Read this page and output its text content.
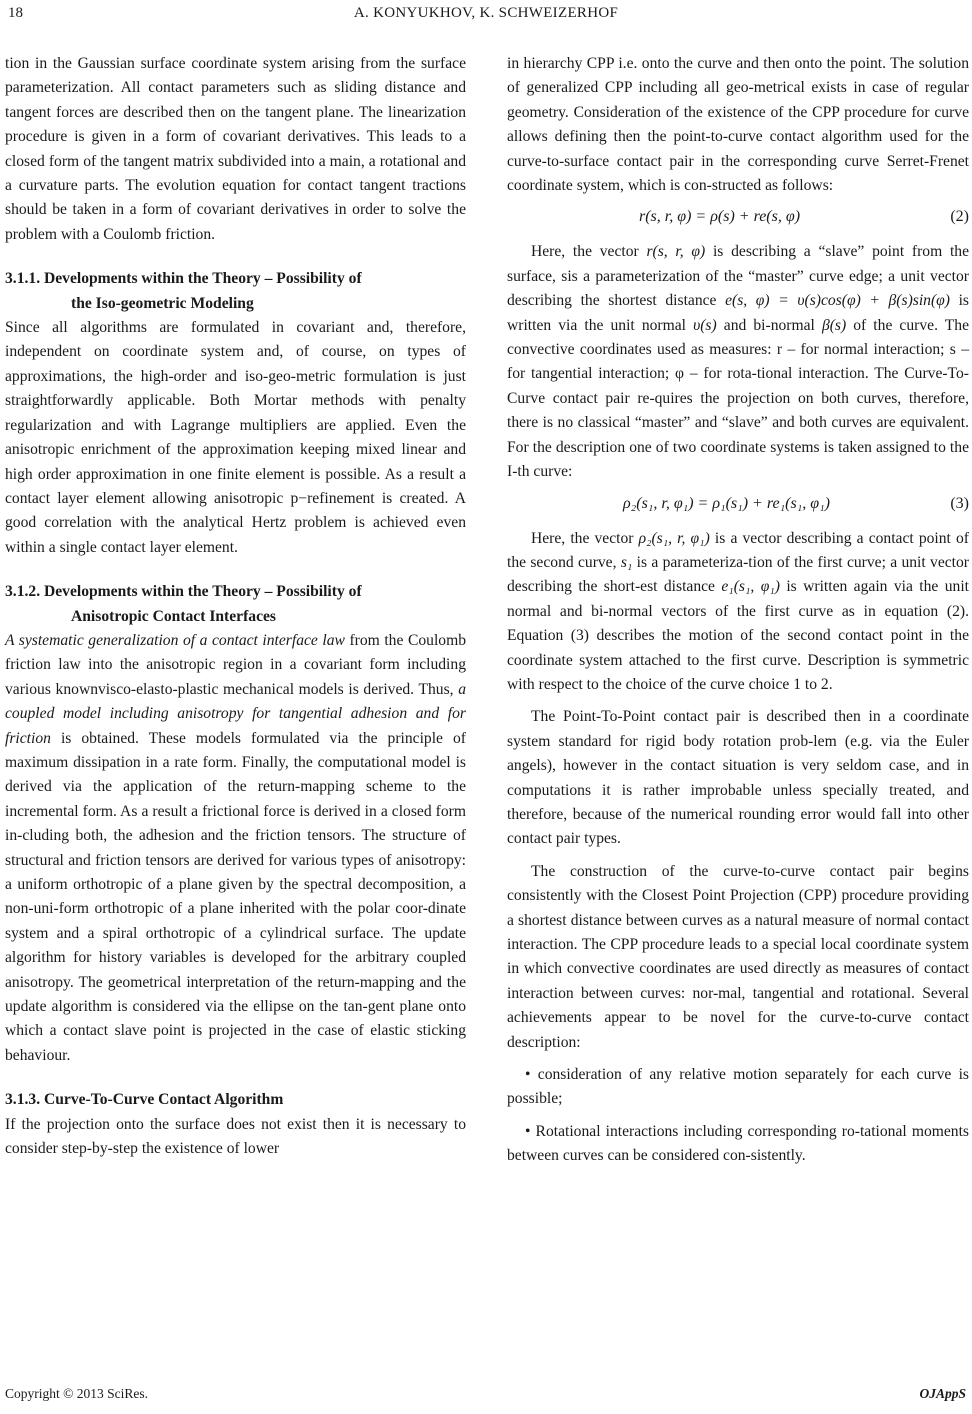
18	A. KONYUKHOV, K. SCHWEIZERHOF

tion in the Gaussian surface coordinate system arising from the surface parameterization. All contact parameters such as sliding distance and tangent forces are described then on the tangent plane. The linearization procedure is given in a form of covariant derivatives. This leads to a closed form of the tangent matrix subdivided into a main, a rotational and a curvature parts. The evolution equation for contact tangent tractions should be taken in a form of covariant derivatives in order to solve the problem with a Coulomb friction.

3.1.1. Developments within the Theory – Possibility of
the Iso-geometric Modeling

Since all algorithms are formulated in covariant and, therefore, independent on coordinate system and, of course, on types of approximations, the high-order and iso-geo-metric formulation is just straightforwardly applicable. Both Mortar methods with penalty regularization and with Lagrange multipliers are applied. Even the anisotropic enrichment of the approximation keeping mixed linear and high order approximation in one finite element is possible. As a result a contact layer element allowing anisotropic p−refinement is created. A good correlation with the analytical Hertz problem is achieved even within a single contact layer element.

3.1.2. Developments within the Theory – Possibility of
Anisotropic Contact Interfaces

A systematic generalization of a contact interface law from the Coulomb friction law into the anisotropic region in a covariant form including various knownvisco-elasto-plastic mechanical models is derived. Thus, a coupled model including anisotropy for tangential adhesion and for friction is obtained. These models formulated via the principle of maximum dissipation in a rate form. Finally, the computational model is derived via the application of the return-mapping scheme to the incremental form. As a result a frictional force is derived in a closed form in-cluding both, the adhesion and the friction tensors. The structure of structural and friction tensors are derived for various types of anisotropy: a uniform orthotropic of a plane given by the spectral decomposition, a non-uni-form orthotropic of a plane inherited with the polar coor-dinate system and a spiral orthotropic of a cylindrical surface. The update algorithm for history variables is developed for the arbitrary coupled anisotropy. The geometrical interpretation of the return-mapping and the update algorithm is considered via the ellipse on the tan-gent plane onto which a contact slave point is projected in the case of elastic sticking behaviour.

3.1.3. Curve-To-Curve Contact Algorithm

If the projection onto the surface does not exist then it is necessary to consider step-by-step the existence of lower

in hierarchy CPP i.e. onto the curve and then onto the point. The solution of generalized CPP including all geo-metrical exists in case of regular geometry. Consideration of the existence of the CPP procedure for curve allows defining then the point-to-curve contact algorithm used for the curve-to-surface contact pair in the corresponding curve Serret-Frenet coordinate system, which is con-structed as follows:

r(s, r, φ) = ρ(s) + re(s, φ)	(2)

Here, the vector r(s, r, φ) is describing a “slave” point from the surface, sis a parameterization of the “master” curve edge; a unit vector describing the shortest distance e(s, φ) = υ(s)cos(φ) + β(s)sin(φ) is written via the unit normal υ(s) and bi-normal β(s) of the curve. The convective coordinates used as measures: r – for normal interaction; s – for tangential interaction; φ – for rota-tional interaction. The Curve-To-Curve contact pair re-quires the projection on both curves, therefore, there is no classical “master” and “slave” and both curves are equivalent. For the description one of two coordinate systems is taken assigned to the I-th curve:

ρ₂(s₁, r, φ₁) = ρ₁(s₁) + re₁(s₁, φ₁)	(3)

Here, the vector ρ₂(s₁, r, φ₁) is a vector describing a contact point of the second curve, s₁ is a parameteriza-tion of the first curve; a unit vector describing the short-est distance e₁(s₁, φ₁) is written again via the unit normal and bi-normal vectors of the first curve as in equation (2). Equation (3) describes the motion of the second contact point in the coordinate system attached to the first curve. Description is symmetric with respect to the choice of the curve choice 1 to 2.

The Point-To-Point contact pair is described then in a coordinate system standard for rigid body rotation prob-lem (e.g. via the Euler angels), however in the contact situation is very seldom case, and in computations it is rather improbable unless specially treated, and therefore, because of the numerical rounding error would fall into other contact pair types.

The construction of the curve-to-curve contact pair begins consistently with the Closest Point Projection (CPP) procedure providing a shortest distance between curves as a natural measure of normal contact interaction. The CPP procedure leads to a special local coordinate system in which convective coordinates are used directly as measures of contact interaction between curves: nor-mal, tangential and rotational. Several achievements appear to be novel for the curve-to-curve contact description:

• consideration of any relative motion separately for each curve is possible;

• Rotational interactions including corresponding ro-tational moments between curves can be considered con-sistently.

Copyright © 2013 SciRes.	OJAppS
